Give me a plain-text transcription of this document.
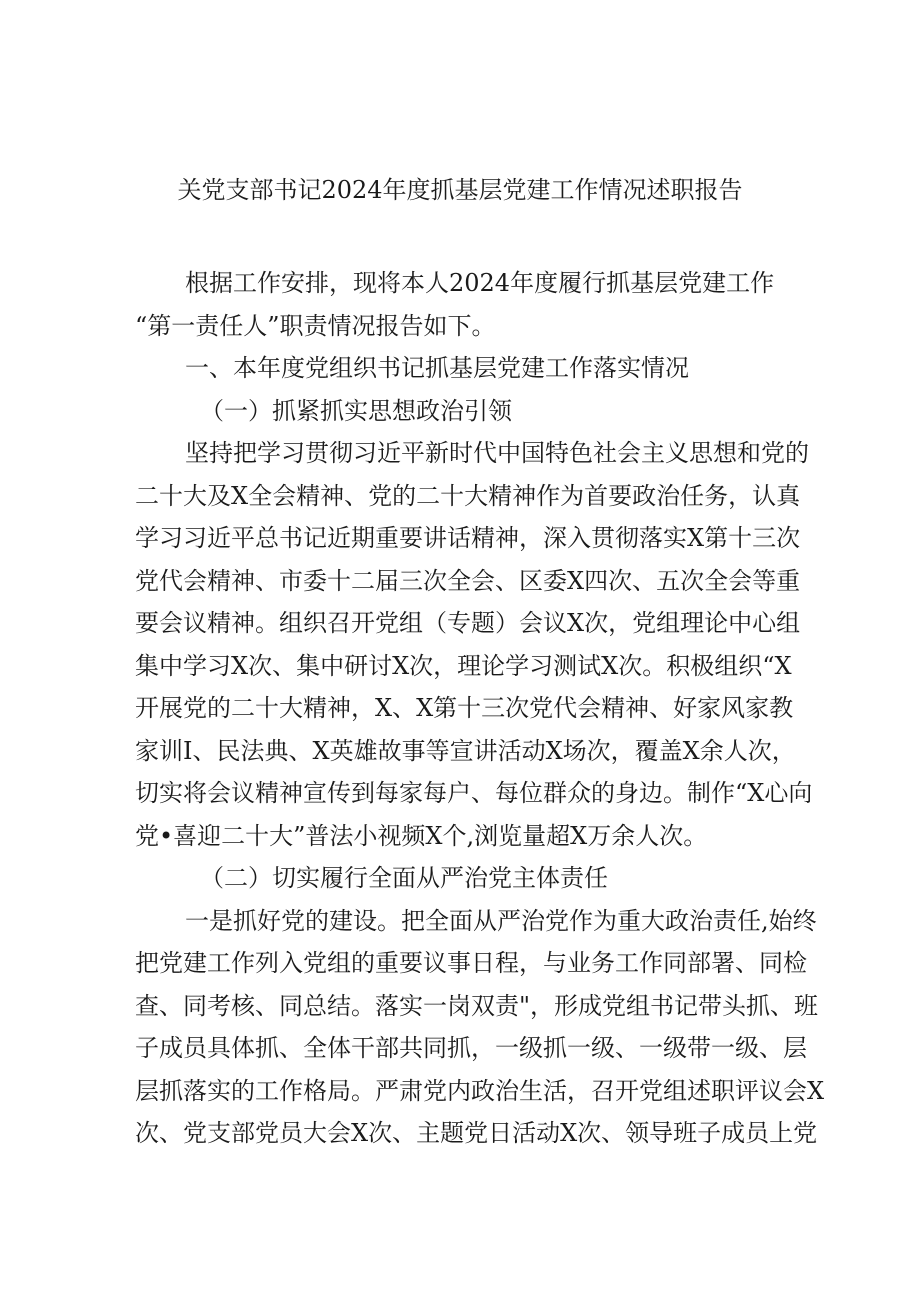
关党支部书记2024年度抓基层党建工作情况述职报告
根据工作安排，现将本人2024年度履行抓基层党建工作
“第一责任人”职责情况报告如下。
一、本年度党组织书记抓基层党建工作落实情况
（一）抓紧抓实思想政治引领
坚持把学习贯彻习近平新时代中国特色社会主义思想和党的
二十大及X全会精神、党的二十大精神作为首要政治任务，认真
学习习近平总书记近期重要讲话精神，深入贯彻落实X第十三次
党代会精神、市委十二届三次全会、区委X四次、五次全会等重
要会议精神。组织召开党组（专题）会议X次，党组理论中心组
集中学习X次、集中研讨X次，理论学习测试X次。积极组织“X
开展党的二十大精神，X、X第十三次党代会精神、好家风家教
家训I、民法典、X英雄故事等宣讲活动X场次，覆盖X余人次，
切实将会议精神宣传到每家每户、每位群众的身边。制作“X心向
党•喜迎二十大”普法小视频X个,浏览量超X万余人次。
（二）切实履行全面从严治党主体责任
一是抓好党的建设。把全面从严治党作为重大政治责任,始终
把党建工作列入党组的重要议事日程，与业务工作同部署、同检
查、同考核、同总结。落实一岗双责"，形成党组书记带头抓、班
子成员具体抓、全体干部共同抓，一级抓一级、一级带一级、层
层抓落实的工作格局。严肃党内政治生活，召开党组述职评议会X
次、党支部党员大会X次、主题党日活动X次、领导班子成员上党
